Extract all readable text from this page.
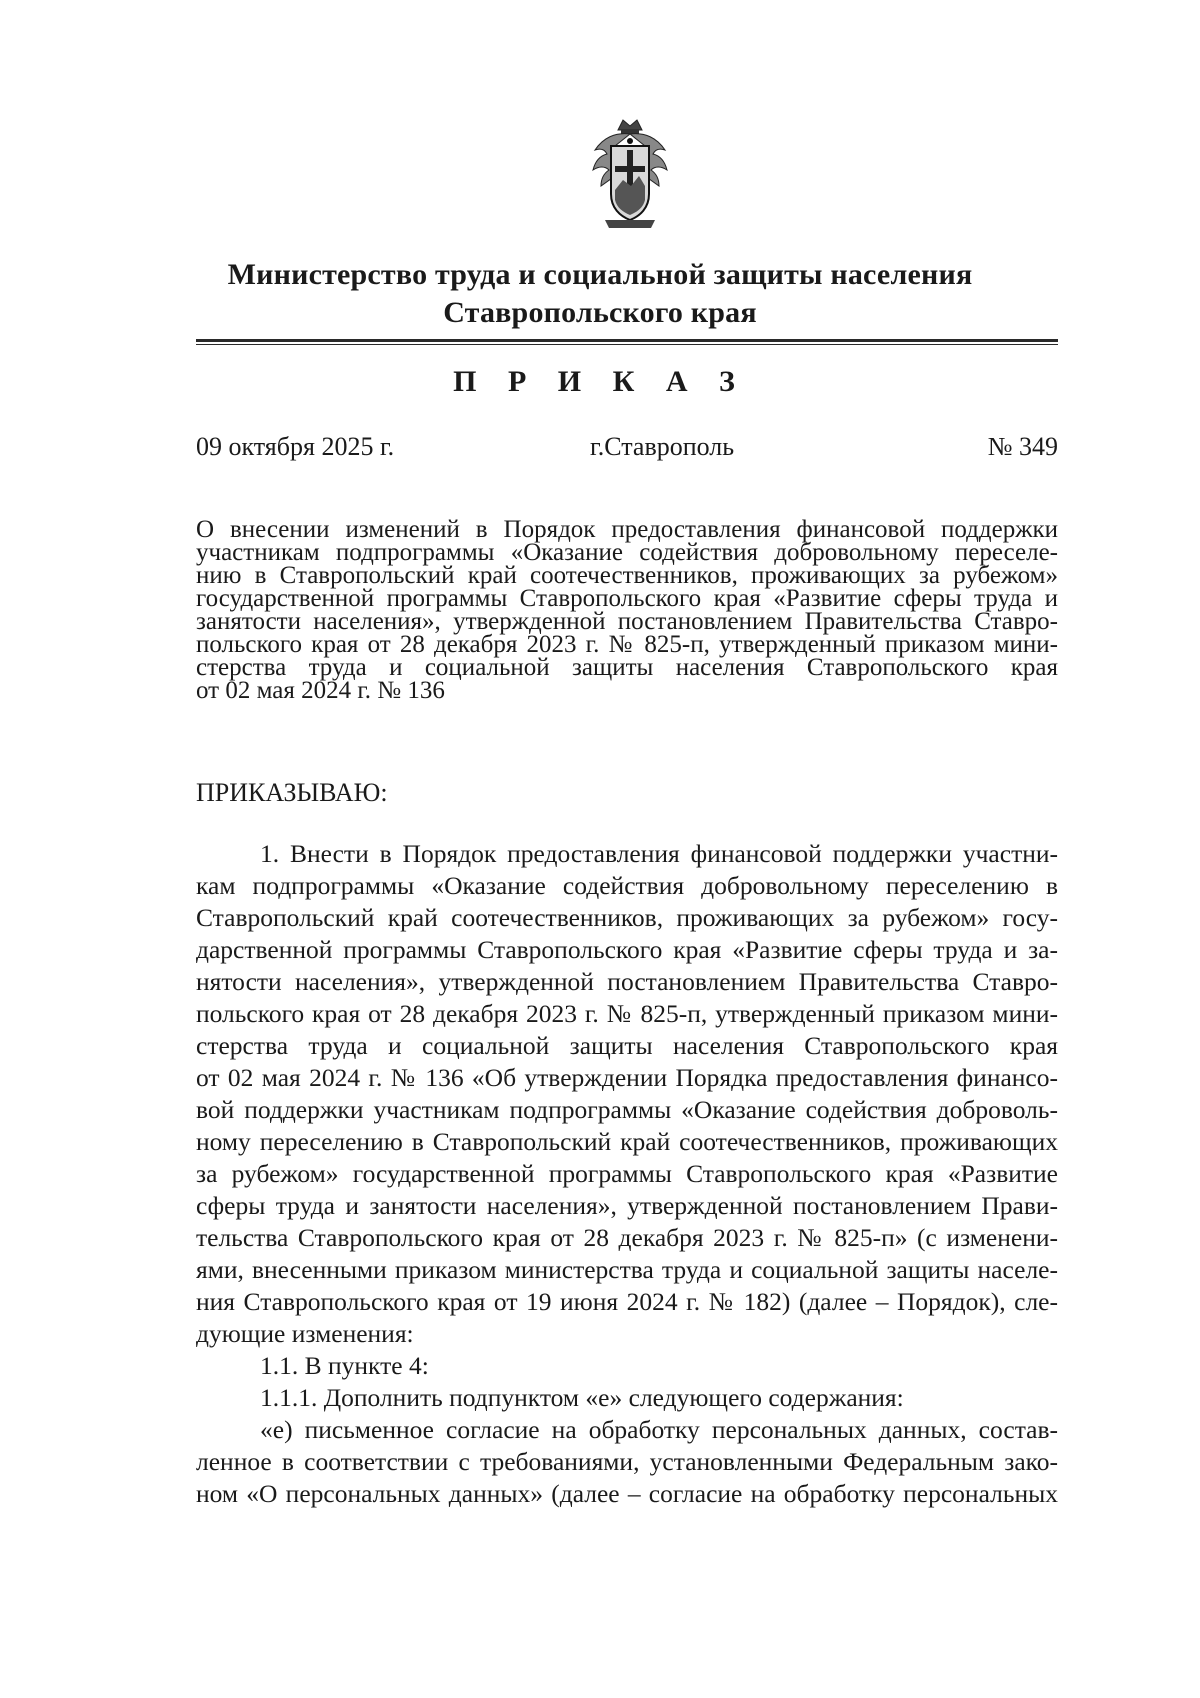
Министерство труда и социальной защиты населения
Ставропольского края
П Р И К А З
09 октября 2025 г.	г.Ставрополь	№ 349
О внесении изменений в Порядок предоставления финансовой поддержки
участникам подпрограммы «Оказание содействия добровольному переселе-
нию в Ставропольский край соотечественников, проживающих за рубежом»
государственной программы Ставропольского края «Развитие сферы труда и
занятости населения», утвержденной постановлением Правительства Ставро-
польского края от 28 декабря 2023 г. № 825-п, утвержденный приказом мини-
стерства труда и социальной защиты населения Ставропольского края
от 02 мая 2024 г. № 136
ПРИКАЗЫВАЮ:
1. Внести в Порядок предоставления финансовой поддержки участни-
кам подпрограммы «Оказание содействия добровольному переселению в
Ставропольский край соотечественников, проживающих за рубежом» госу-
дарственной программы Ставропольского края «Развитие сферы труда и за-
нятости населения», утвержденной постановлением Правительства Ставро-
польского края от 28 декабря 2023 г. № 825-п, утвержденный приказом мини-
стерства труда и социальной защиты населения Ставропольского края
от 02 мая 2024 г. № 136 «Об утверждении Порядка предоставления финансо-
вой поддержки участникам подпрограммы «Оказание содействия доброволь-
ному переселению в Ставропольский край соотечественников, проживающих
за рубежом» государственной программы Ставропольского края «Развитие
сферы труда и занятости населения», утвержденной постановлением Прави-
тельства Ставропольского края от 28 декабря 2023 г. № 825-п» (с изменени-
ями, внесенными приказом министерства труда и социальной защиты населе-
ния Ставропольского края от 19 июня 2024 г. № 182) (далее – Порядок), сле-
дующие изменения:
1.1. В пункте 4:
1.1.1. Дополнить подпунктом «е» следующего содержания:
«е) письменное согласие на обработку персональных данных, состав-
ленное в соответствии с требованиями, установленными Федеральным зако-
ном «О персональных данных» (далее – согласие на обработку персональных
